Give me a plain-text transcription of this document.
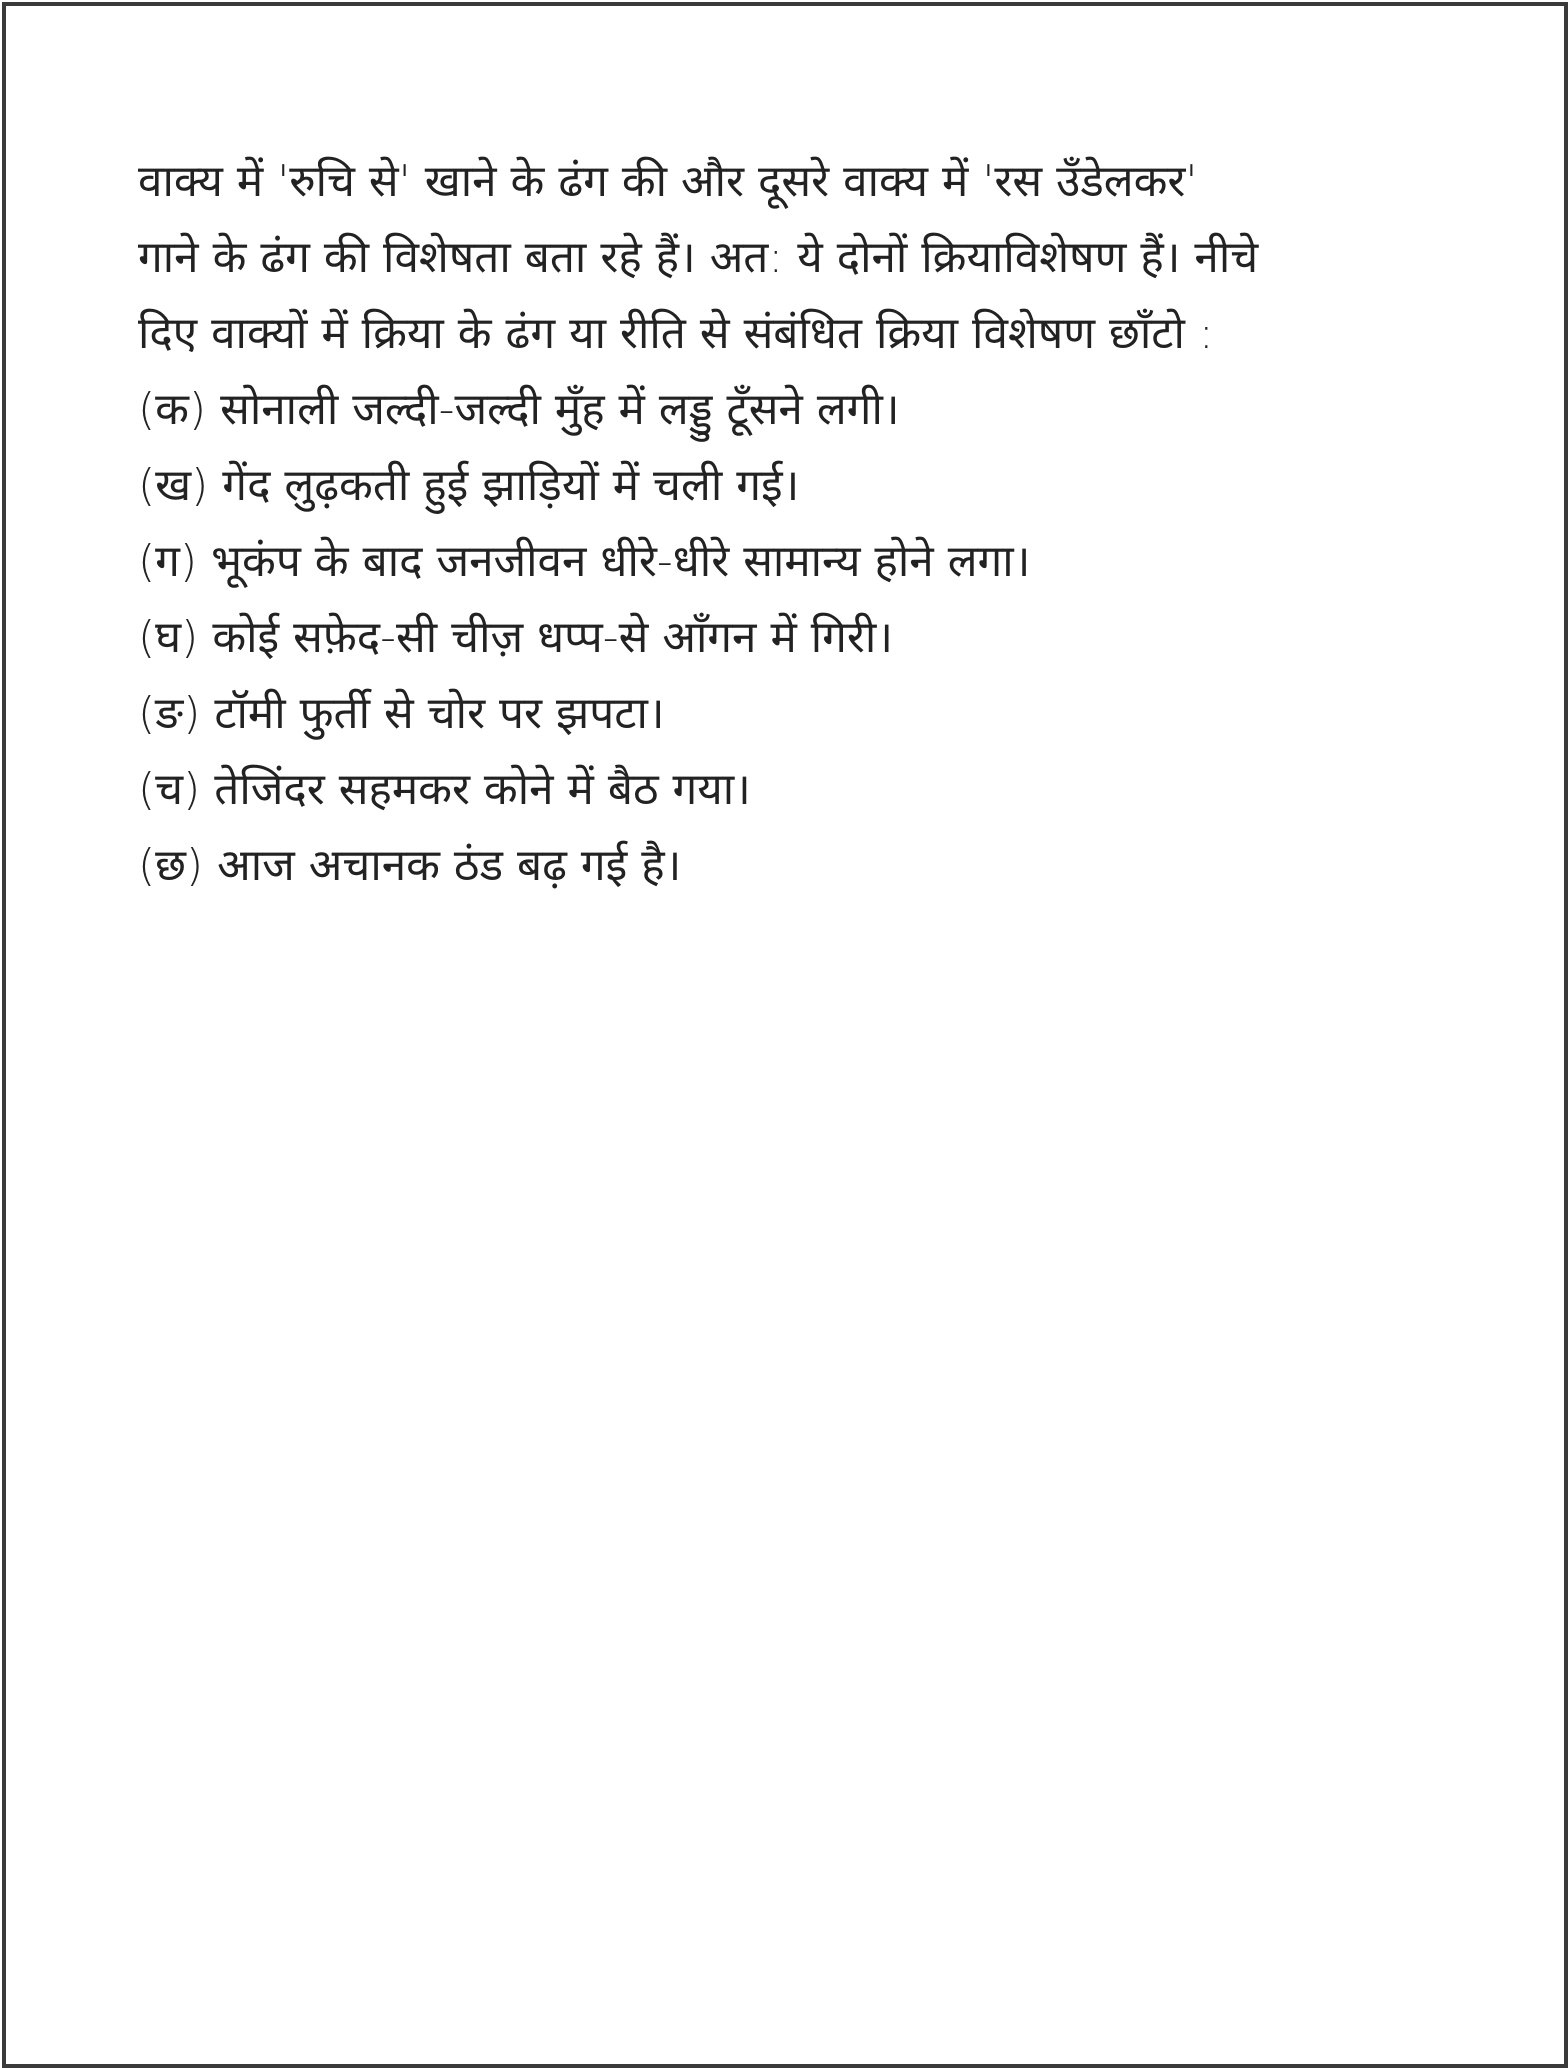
वाक्य में 'रुचि से' खाने के ढंग की और दूसरे वाक्य में 'रस उँडेलकर'
गाने के ढंग की विशेषता बता रहे हैं। अत: ये दोनों क्रियाविशेषण हैं। नीचे
दिए वाक्यों में क्रिया के ढंग या रीति से संबंधित क्रिया विशेषण छाँटो :
(क) सोनाली जल्दी-जल्दी मुँह में लड्डु टूँसने लगी।
(ख) गेंद लुढ़कती हुई झाड़ियों में चली गई।
(ग) भूकंप के बाद जनजीवन धीरे-धीरे सामान्य होने लगा।
(घ) कोई सफ़ेद-सी चीज़ धप्प-से आँगन में गिरी।
(ङ) टॉमी फुर्ती से चोर पर झपटा।
(च) तेजिंदर सहमकर कोने में बैठ गया।
(छ) आज अचानक ठंड बढ़ गई है।
